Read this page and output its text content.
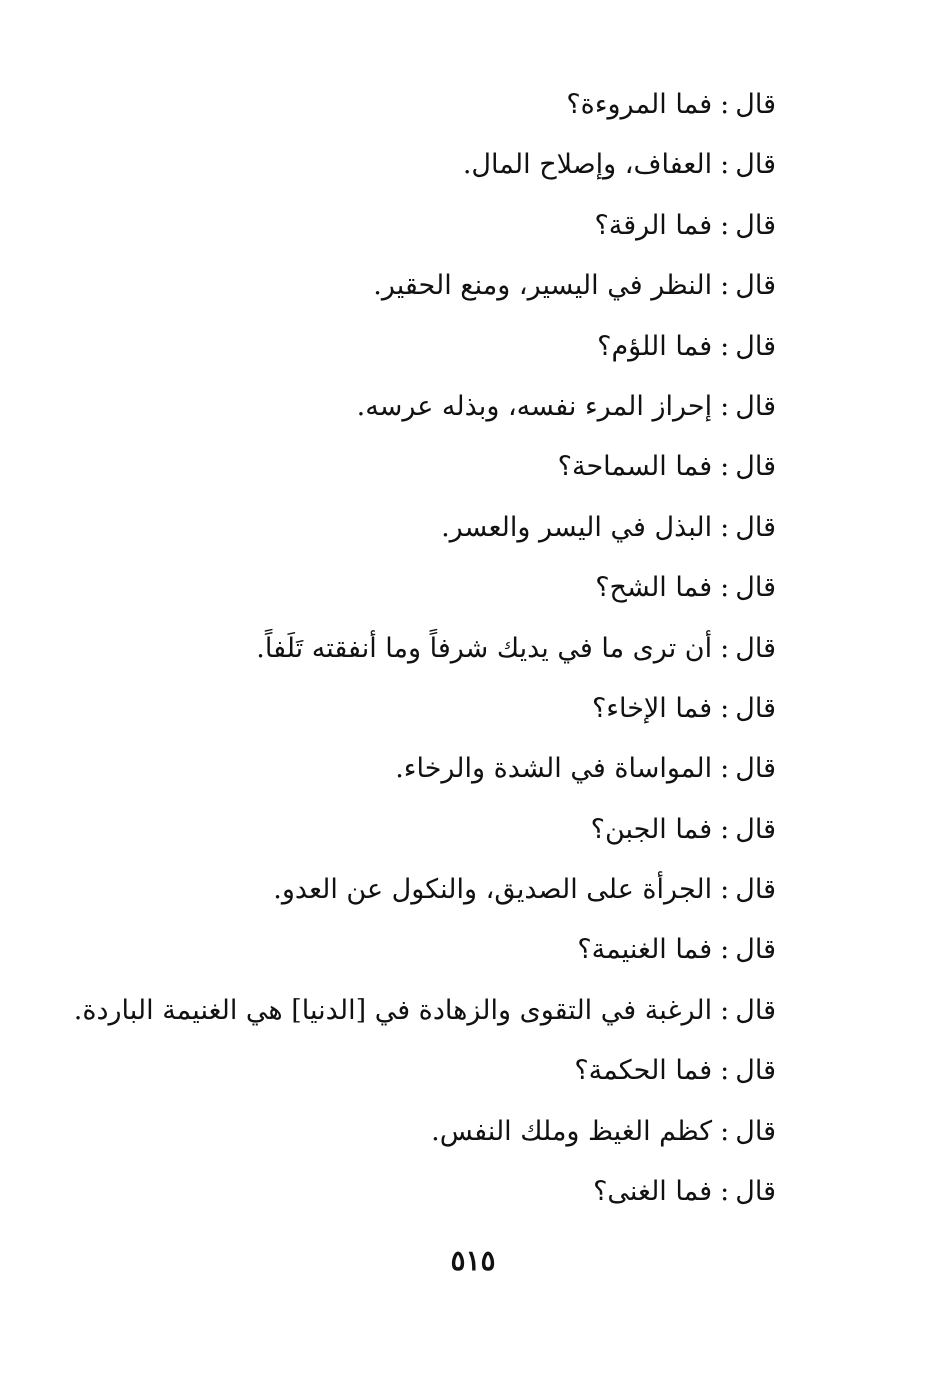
قال:فما المروءة؟
قال:العفاف، وإصلاح المال.
قال:فما الرقة؟
قال:النظر في اليسير، ومنع الحقير.
قال:فما اللؤم؟
قال:إحراز المرء نفسه، وبذله عرسه.
قال:فما السماحة؟
قال:البذل في اليسر والعسر.
قال:فما الشح؟
قال:أن ترى ما في يديك شرفاً وما أنفقته تَلَفاً.
قال:فما الإخاء؟
قال:المواساة في الشدة والرخاء.
قال:فما الجبن؟
قال:الجرأة على الصديق، والنكول عن العدو.
قال:فما الغنيمة؟
قال:الرغبة في التقوى والزهادة في [الدنيا] هي الغنيمة الباردة.
قال:فما الحكمة؟
قال:كظم الغيظ وملك النفس.
قال:فما الغنى؟
٥١٥
